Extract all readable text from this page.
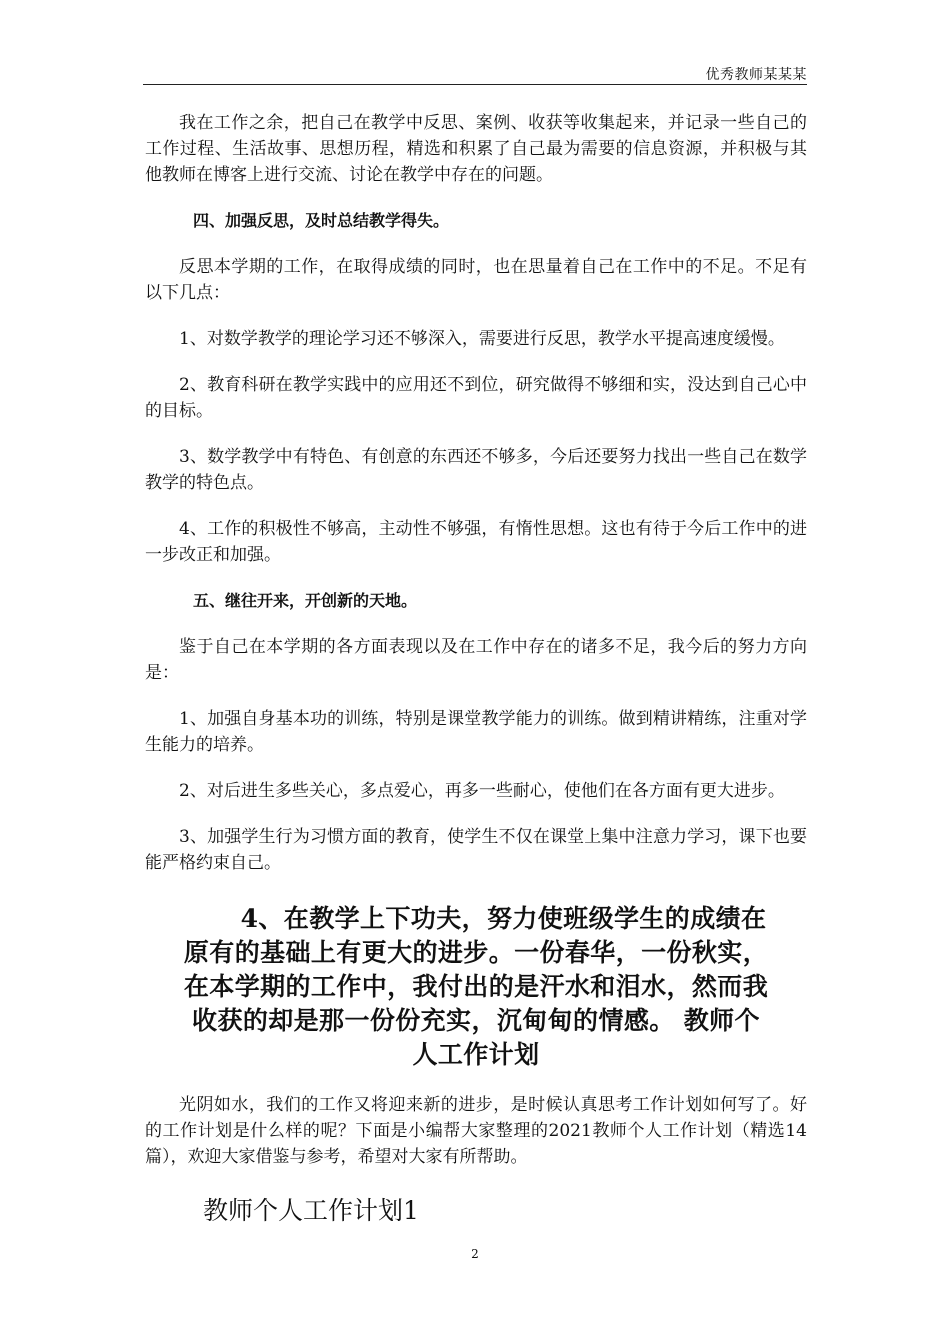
优秀教师某某某

我在工作之余，把自己在教学中反思、案例、收获等收集起来，并记录一些自己的工作过程、生活故事、思想历程，精选和积累了自己最为需要的信息资源，并积极与其他教师在博客上进行交流、讨论在教学中存在的问题。

四、加强反思，及时总结教学得失。

反思本学期的工作，在取得成绩的同时，也在思量着自己在工作中的不足。不足有以下几点：

1、对数学教学的理论学习还不够深入，需要进行反思，教学水平提高速度缓慢。

2、教育科研在教学实践中的应用还不到位，研究做得不够细和实，没达到自己心中的目标。

3、数学教学中有特色、有创意的东西还不够多，今后还要努力找出一些自己在数学教学的特色点。

4、工作的积极性不够高，主动性不够强，有惰性思想。这也有待于今后工作中的进一步改正和加强。

五、继往开来，开创新的天地。

鉴于自己在本学期的各方面表现以及在工作中存在的诸多不足，我今后的努力方向是：

1、加强自身基本功的训练，特别是课堂教学能力的训练。做到精讲精练，注重对学生能力的培养。

2、对后进生多些关心，多点爱心，再多一些耐心，使他们在各方面有更大进步。

3、加强学生行为习惯方面的教育，使学生不仅在课堂上集中注意力学习，课下也要能严格约束自己。

4、在教学上下功夫，努力使班级学生的成绩在
原有的基础上有更大的进步。一份春华，一份秋实，
在本学期的工作中，我付出的是汗水和泪水，然而我
收获的却是那一份份充实，沉甸甸的情感。 教师个
人工作计划

光阴如水，我们的工作又将迎来新的进步，是时候认真思考工作计划如何写了。好的工作计划是什么样的呢？下面是小编帮大家整理的2021教师个人工作计划（精选14篇），欢迎大家借鉴与参考，希望对大家有所帮助。

教师个人工作计划1
2
